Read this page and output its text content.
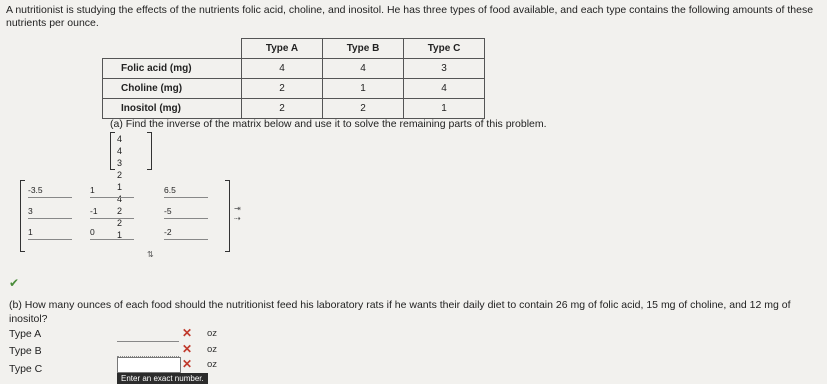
A nutritionist is studying the effects of the nutrients folic acid, choline, and inositol. He has three types of food available, and each type contains the following amounts of these nutrients per ounce.
	Type A	Type B	Type C
Folic acid (mg)	4	4	3
Choline (mg)	2	1	4
Inositol (mg)	2	2	1
(a) Find the inverse of the matrix below and use it to solve the remaining parts of this problem.
443
214
221
-3.5	1	6.5
3	-1	-5
1	0	-2
⇥
⇢
⇅
✔
(b) How many ounces of each food should the nutritionist feed his laboratory rats if he wants their daily diet to contain 26 mg of folic acid, 15 mg of choline, and 12 mg of inositol?
Type A	✕ oz
Type B	✕ oz
Type C	✕ oz
Enter an exact number.
